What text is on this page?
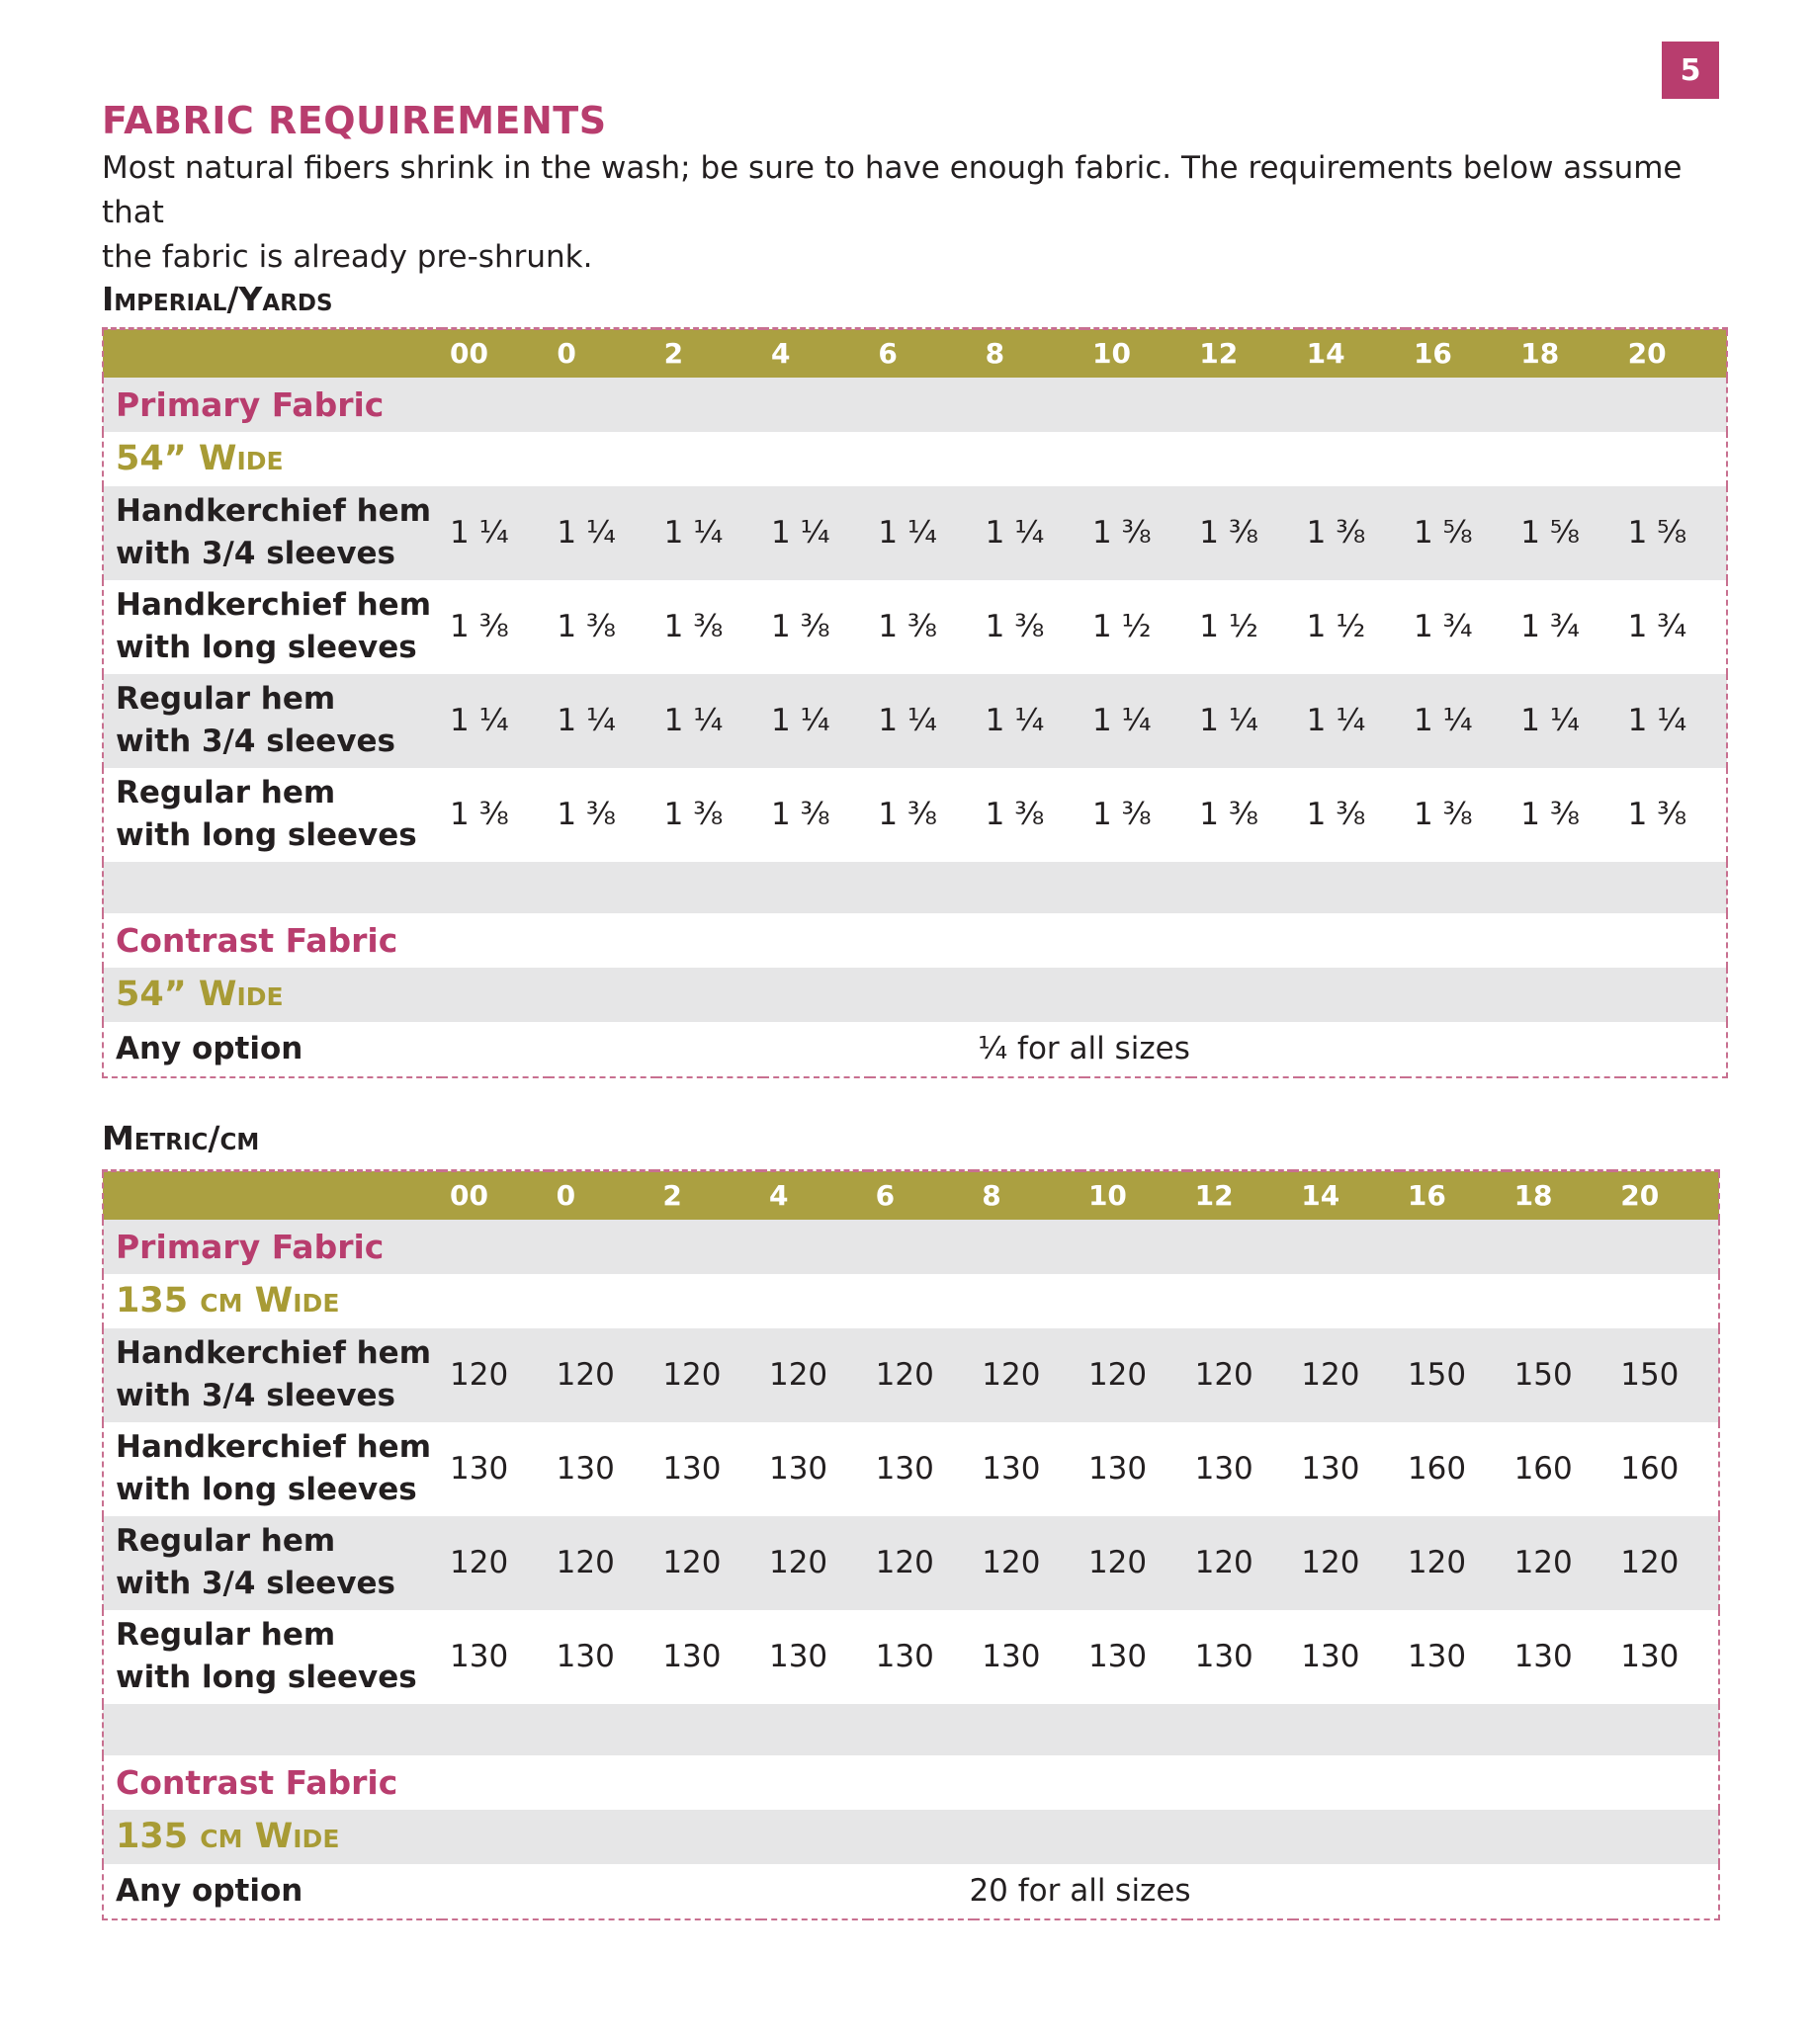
5
FABRIC REQUIREMENTS
Most natural fibers shrink in the wash; be sure to have enough fabric. The requirements below assume that
the fabric is already pre-shrunk.
Imperial/Yards
	00	0	2	4	6	8	10	12	14	16	18	20
Primary Fabric												
54” Wide												
Handkerchief hem
with 3/4 sleeves	1 ¼	1 ¼	1 ¼	1 ¼	1 ¼	1 ¼	1 ⅜	1 ⅜	1 ⅜	1 ⅝	1 ⅝	1 ⅝
Handkerchief hem
with long sleeves	1 ⅜	1 ⅜	1 ⅜	1 ⅜	1 ⅜	1 ⅜	1 ½	1 ½	1 ½	1 ¾	1 ¾	1 ¾
Regular hem
with 3/4 sleeves	1 ¼	1 ¼	1 ¼	1 ¼	1 ¼	1 ¼	1 ¼	1 ¼	1 ¼	1 ¼	1 ¼	1 ¼
Regular hem
with long sleeves	1 ⅜	1 ⅜	1 ⅜	1 ⅜	1 ⅜	1 ⅜	1 ⅜	1 ⅜	1 ⅜	1 ⅜	1 ⅜	1 ⅜

Contrast Fabric												
54” Wide												
Any option	¼ for all sizes											
Metric/cm
	00	0	2	4	6	8	10	12	14	16	18	20
Primary Fabric												
135 cm Wide												
Handkerchief hem
with 3/4 sleeves	120	120	120	120	120	120	120	120	120	150	150	150
Handkerchief hem
with long sleeves	130	130	130	130	130	130	130	130	130	160	160	160
Regular hem
with 3/4 sleeves	120	120	120	120	120	120	120	120	120	120	120	120
Regular hem
with long sleeves	130	130	130	130	130	130	130	130	130	130	130	130

Contrast Fabric												
135 cm Wide												
Any option	20 for all sizes											
